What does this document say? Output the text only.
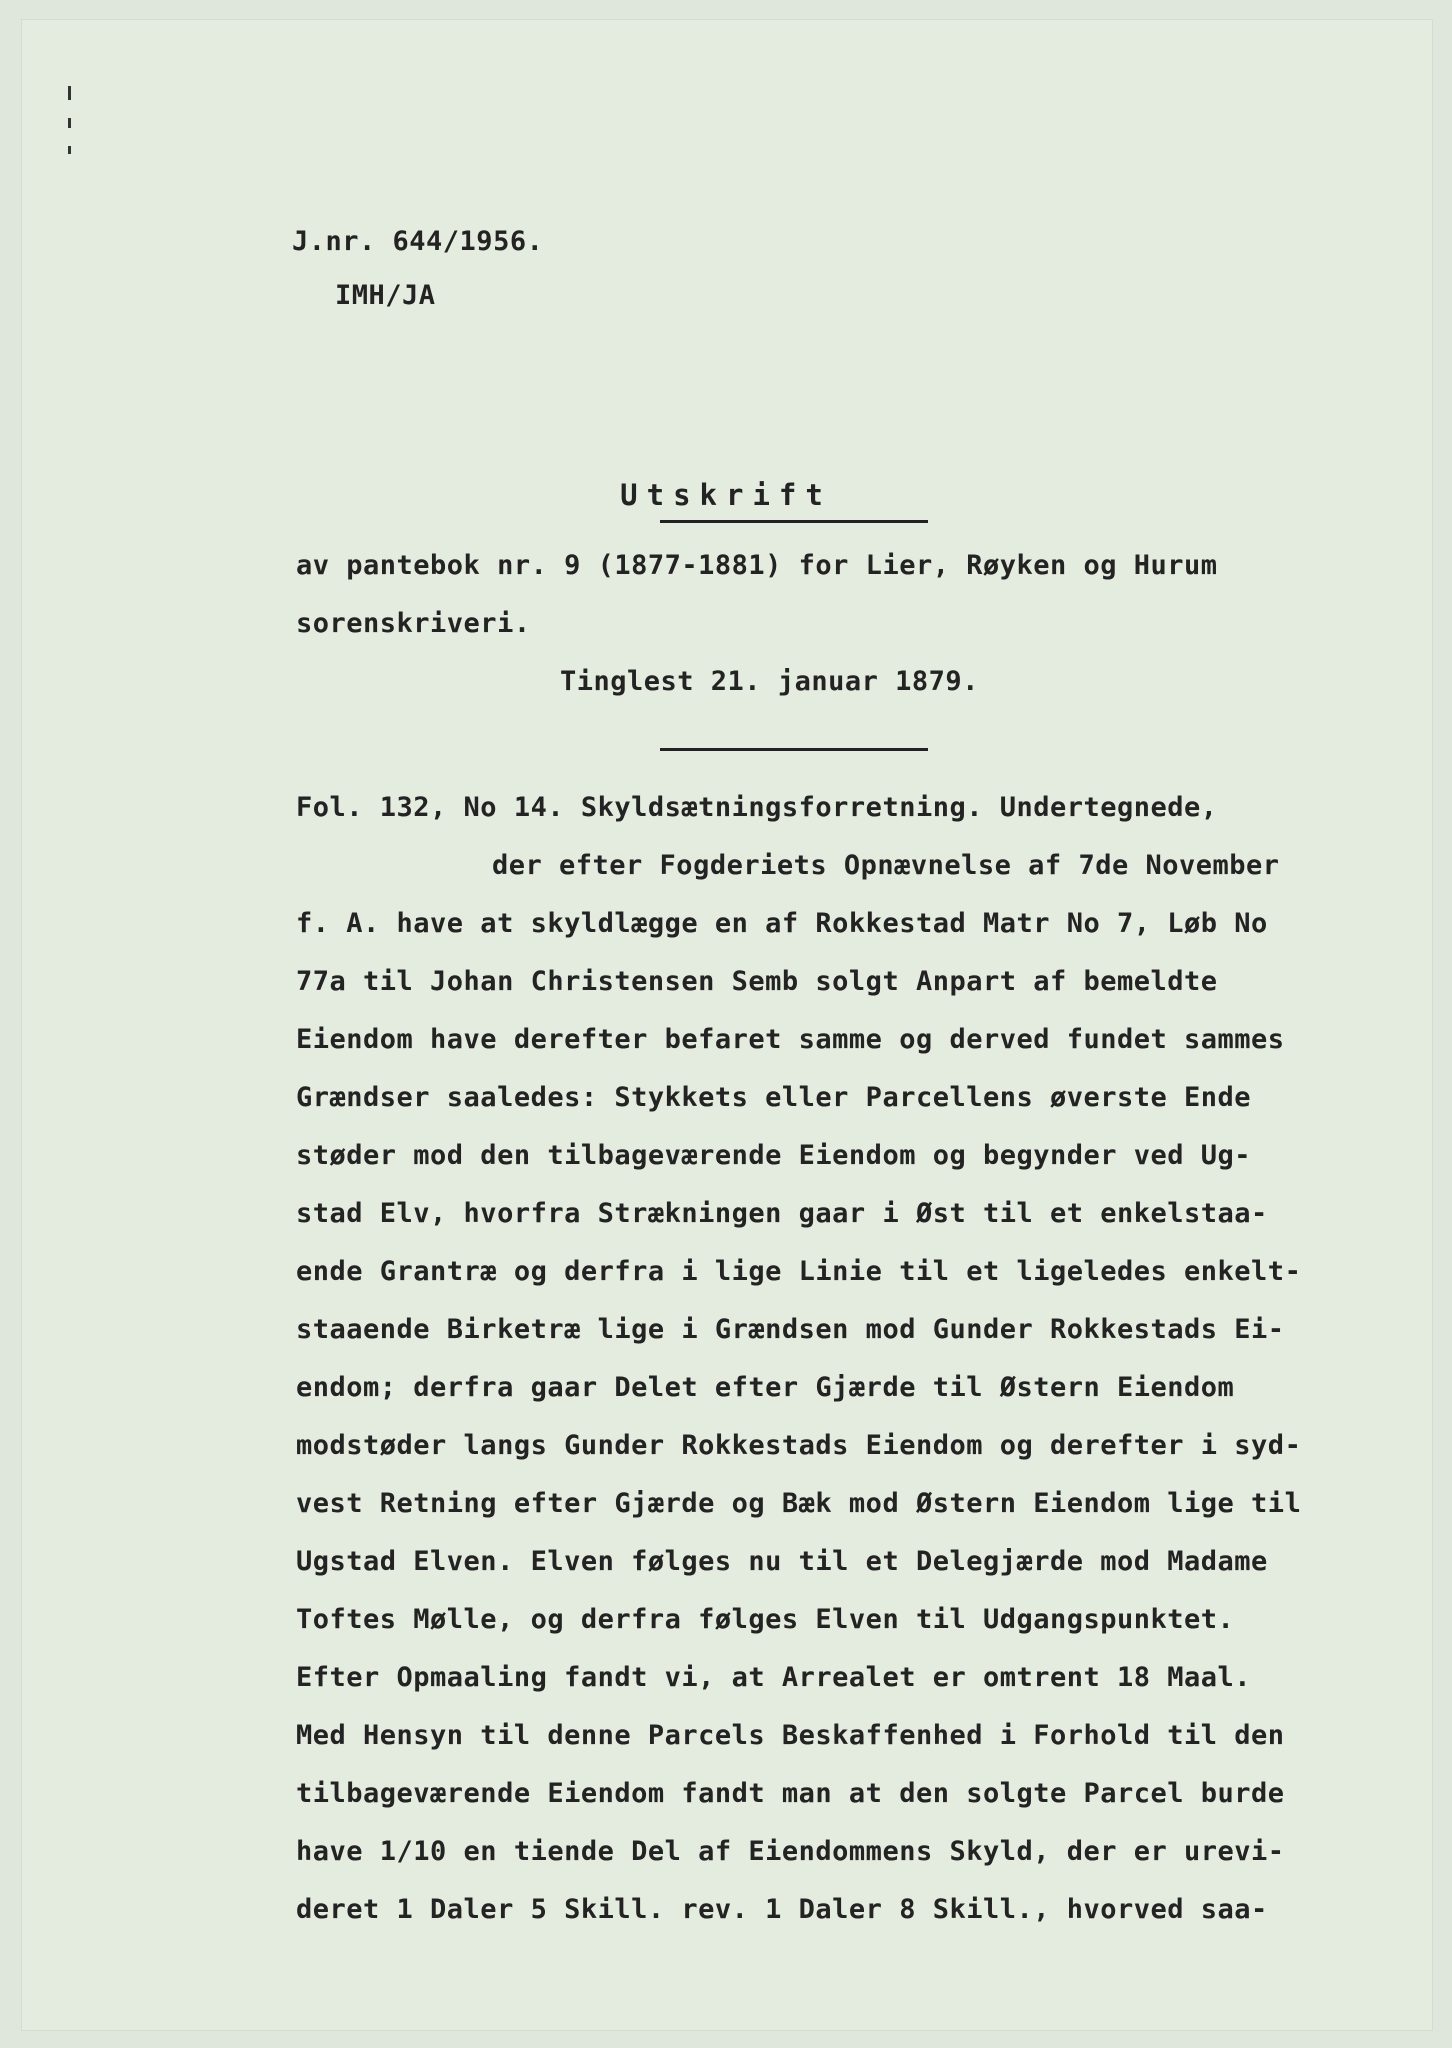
J.nr. 644/1956.
IMH/JA
Utskrift
av pantebok nr. 9 (1877-1881) for Lier, Røyken og Hurum
sorenskriveri.
Tinglest 21. januar 1879.
Fol. 132, No 14. Skyldsætningsforretning. Undertegnede,
der efter Fogderiets Opnævnelse af 7de November
f. A. have at skyldlægge en af Rokkestad Matr No 7, Løb No
77a til Johan Christensen Semb solgt Anpart af bemeldte
Eiendom have derefter befaret samme og derved fundet sammes
Grændser saaledes: Stykkets eller Parcellens øverste Ende
støder mod den tilbageværende Eiendom og begynder ved Ug-
stad Elv, hvorfra Strækningen gaar i Øst til et enkelstaa-
ende Grantræ og derfra i lige Linie til et ligeledes enkelt-
staaende Birketræ lige i Grændsen mod Gunder Rokkestads Ei-
endom; derfra gaar Delet efter Gjærde til Østern Eiendom
modstøder langs Gunder Rokkestads Eiendom og derefter i syd-
vest Retning efter Gjærde og Bæk mod Østern Eiendom lige til
Ugstad Elven. Elven følges nu til et Delegjærde mod Madame
Toftes Mølle, og derfra følges Elven til Udgangspunktet.
Efter Opmaaling fandt vi, at Arrealet er omtrent 18 Maal.
Med Hensyn til denne Parcels Beskaffenhed i Forhold til den
tilbageværende Eiendom fandt man at den solgte Parcel burde
have 1/10 en tiende Del af Eiendommens Skyld, der er urevi-
deret 1 Daler 5 Skill. rev. 1 Daler 8 Skill., hvorved saa-
